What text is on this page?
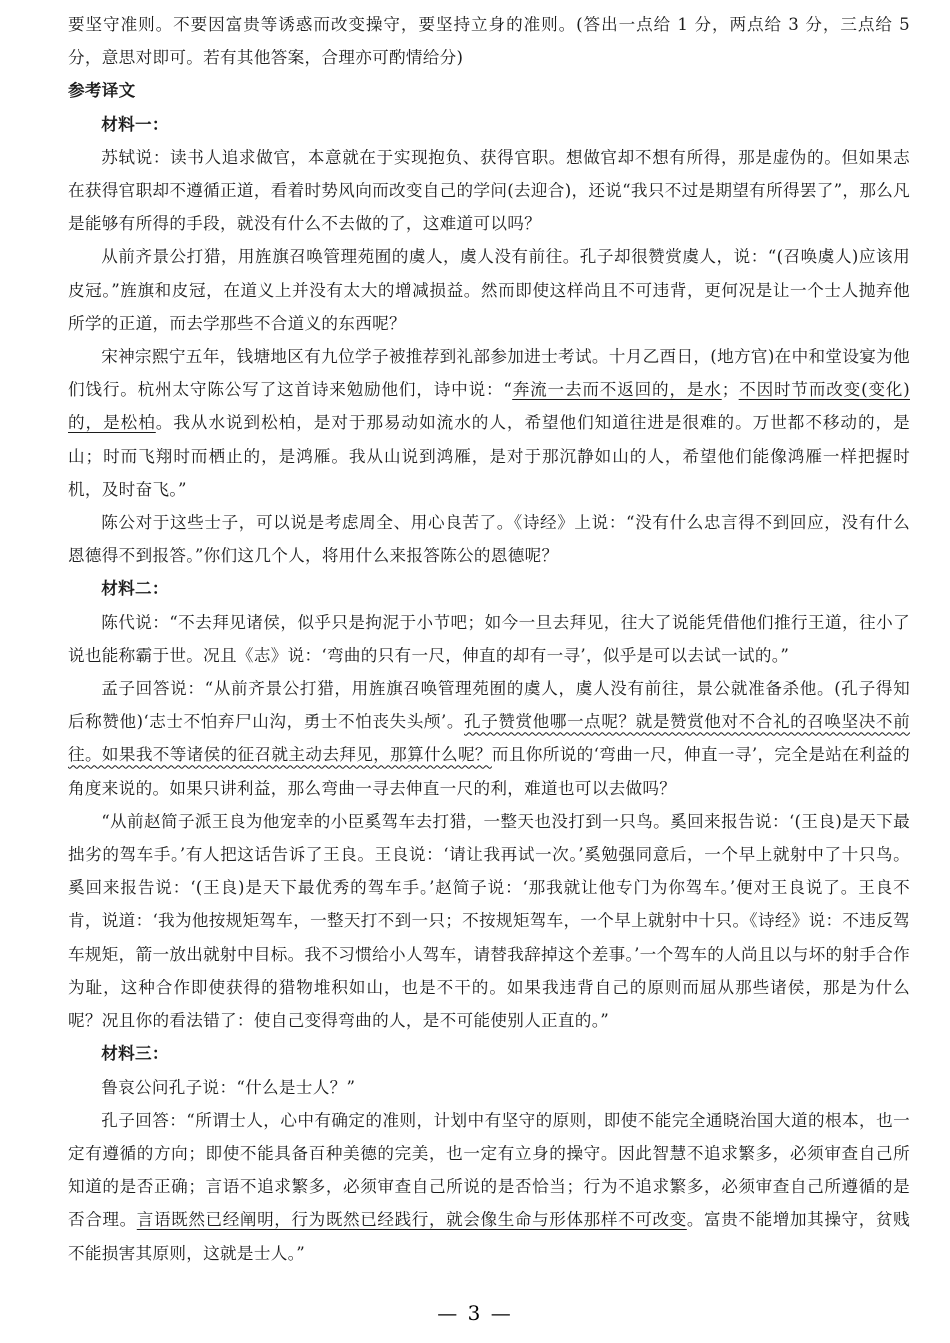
要坚守准则。不要因富贵等诱惑而改变操守，要坚持立身的准则。(答出一点给 1 分，两点给 3 分，三点给 5 分，意思对即可。若有其他答案，合理亦可酌情给分)

参考译文

材料一：

苏轼说：读书人追求做官，本意就在于实现抱负、获得官职。想做官却不想有所得，那是虚伪的。但如果志在获得官职却不遵循正道，看着时势风向而改变自己的学问(去迎合)，还说“我只不过是期望有所得罢了”，那么凡是能够有所得的手段，就没有什么不去做的了，这难道可以吗？

从前齐景公打猎，用旌旗召唤管理苑囿的虞人，虞人没有前往。孔子却很赞赏虞人，说：“(召唤虞人)应该用皮冠。”旌旗和皮冠，在道义上并没有太大的增减损益。然而即使这样尚且不可违背，更何况是让一个士人抛弃他所学的正道，而去学那些不合道义的东西呢？

宋神宗熙宁五年，钱塘地区有九位学子被推荐到礼部参加进士考试。十月乙酉日，(地方官)在中和堂设宴为他们饯行。杭州太守陈公写了这首诗来勉励他们，诗中说：“奔流一去而不返回的，是水；不因时节而改变(变化)的，是松柏。我从水说到松柏，是对于那易动如流水的人，希望他们知道往进是很难的。万世都不移动的，是山；时而飞翔时而栖止的，是鸿雁。我从山说到鸿雁，是对于那沉静如山的人，希望他们能像鸿雁一样把握时机，及时奋飞。”

陈公对于这些士子，可以说是考虑周全、用心良苦了。《诗经》上说：“没有什么忠言得不到回应，没有什么恩德得不到报答。”你们这几个人，将用什么来报答陈公的恩德呢？

材料二：

陈代说：“不去拜见诸侯，似乎只是拘泥于小节吧；如今一旦去拜见，往大了说能凭借他们推行王道，往小了说也能称霸于世。况且《志》说：‘弯曲的只有一尺，伸直的却有一寻’，似乎是可以去试一试的。”

孟子回答说：“从前齐景公打猎，用旌旗召唤管理苑囿的虞人，虞人没有前往，景公就准备杀他。(孔子得知后称赞他)‘志士不怕弃尸山沟，勇士不怕丧失头颅’。孔子赞赏他哪一点呢？就是赞赏他对不合礼的召唤坚决不前往。如果我不等诸侯的征召就主动去拜见，那算什么呢？而且你所说的‘弯曲一尺，伸直一寻’，完全是站在利益的角度来说的。如果只讲利益，那么弯曲一寻去伸直一尺的利，难道也可以去做吗？

“从前赵简子派王良为他宠幸的小臣奚驾车去打猎，一整天也没打到一只鸟。奚回来报告说：‘(王良)是天下最拙劣的驾车手。’有人把这话告诉了王良。王良说：‘请让我再试一次。’奚勉强同意后，一个早上就射中了十只鸟。奚回来报告说：‘(王良)是天下最优秀的驾车手。’赵简子说：‘那我就让他专门为你驾车。’便对王良说了。王良不肯，说道：‘我为他按规矩驾车，一整天打不到一只；不按规矩驾车，一个早上就射中十只。《诗经》说：不违反驾车规矩，箭一放出就射中目标。我不习惯给小人驾车，请替我辞掉这个差事。’一个驾车的人尚且以与坏的射手合作为耻，这种合作即使获得的猎物堆积如山，也是不干的。如果我违背自己的原则而屈从那些诸侯，那是为什么呢？况且你的看法错了：使自己变得弯曲的人，是不可能使别人正直的。”

材料三：

鲁哀公问孔子说：“什么是士人？”

孔子回答：“所谓士人，心中有确定的准则，计划中有坚守的原则，即使不能完全通晓治国大道的根本，也一定有遵循的方向；即使不能具备百种美德的完美，也一定有立身的操守。因此智慧不追求繁多，必须审查自己所知道的是否正确；言语不追求繁多，必须审查自己所说的是否恰当；行为不追求繁多，必须审查自己所遵循的是否合理。言语既然已经阐明，行为既然已经践行，就会像生命与形体那样不可改变。富贵不能增加其操守，贫贱不能损害其原则，这就是士人。”

— 3 —
